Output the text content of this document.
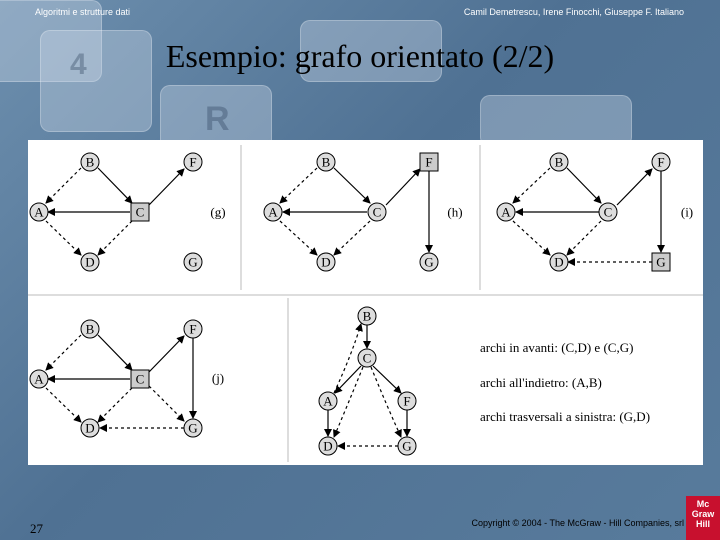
4
R
Algoritmi e strutture dati	Camil Demetrescu, Irene Finocchi, Giuseppe F. Italiano
Esempio: grafo orientato (2/2)
B	F
A	C
D	G
(g)
B	F
A	C
D	G
(h)
B	F
A	C
D	G
(i)
B	F
A	C
D	G
(j)
B
C
A	F
D	G
archi in avanti: (C,D) e (C,G)
archi all'indietro: (A,B)
archi trasversali a sinistra: (G,D)
27	Copyright © 2004 - The McGraw - Hill Companies, srl
Mc
Graw
Hill
